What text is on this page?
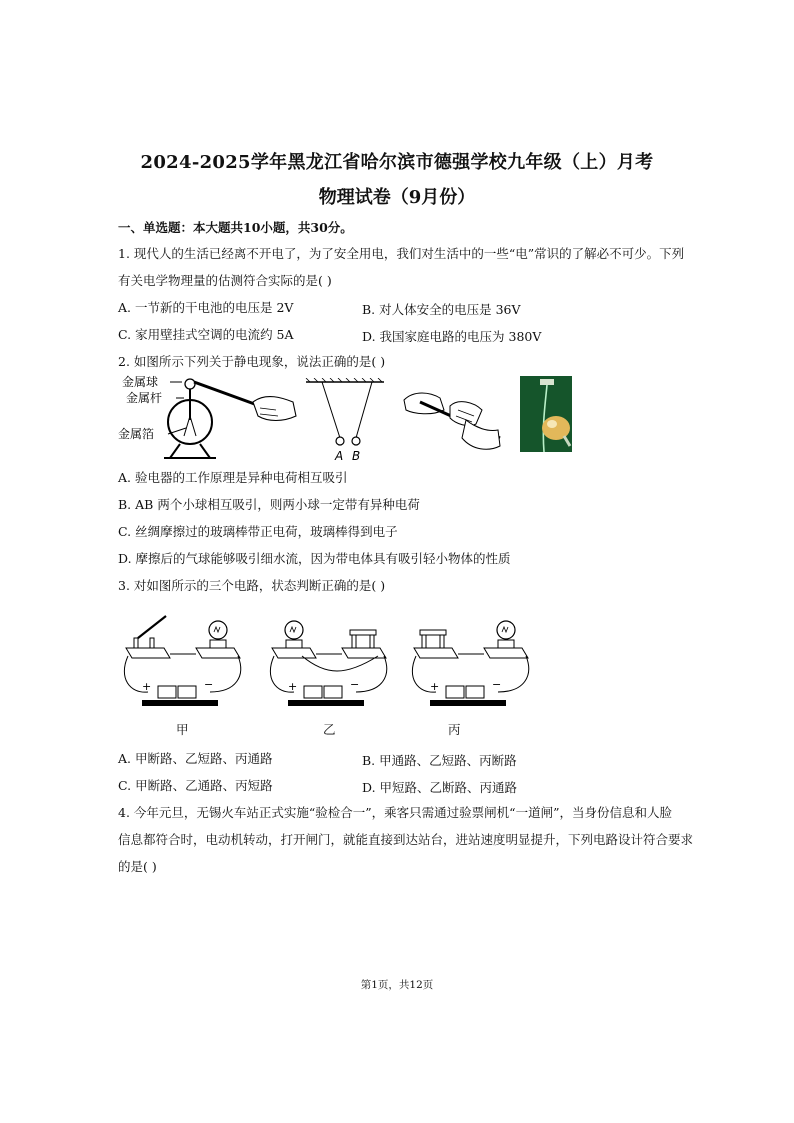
2024-2025学年黑龙江省哈尔滨市德强学校九年级（上）月考
物理试卷（9月份）
一、单选题：本大题共10小题，共30分。
1. 现代人的生活已经离不开电了，为了安全用电，我们对生活中的一些“电”常识的了解必不可少。下列
有关电学物理量的估测符合实际的是( )
A. 一节新的干电池的电压是 2V	B. 对人体安全的电压是 36V
C. 家用壁挂式空调的电流约 5A	D. 我国家庭电路的电压为 380V
2. 如图所示下列关于静电现象，说法正确的是( )
金属球
金属杆
金属箔
A B
A. 验电器的工作原理是异种电荷相互吸引
B. AB 两个小球相互吸引，则两小球一定带有异种电荷
C. 丝绸摩擦过的玻璃棒带正电荷，玻璃棒得到电子
D. 摩擦后的气球能够吸引细水流，因为带电体具有吸引轻小物体的性质
3. 对如图所示的三个电路，状态判断正确的是( )
+	−	+	−	+	−
甲	乙	丙
A. 甲断路、乙短路、丙通路	B. 甲通路、乙短路、丙断路
C. 甲断路、乙通路、丙短路	D. 甲短路、乙断路、丙通路
4. 今年元旦，无锡火车站正式实施“验检合一”，乘客只需通过验票闸机“一道闸”，当身份信息和人脸
信息都符合时，电动机转动，打开闸门，就能直接到达站台，进站速度明显提升，下列电路设计符合要求
的是( )
第1页，共12页
